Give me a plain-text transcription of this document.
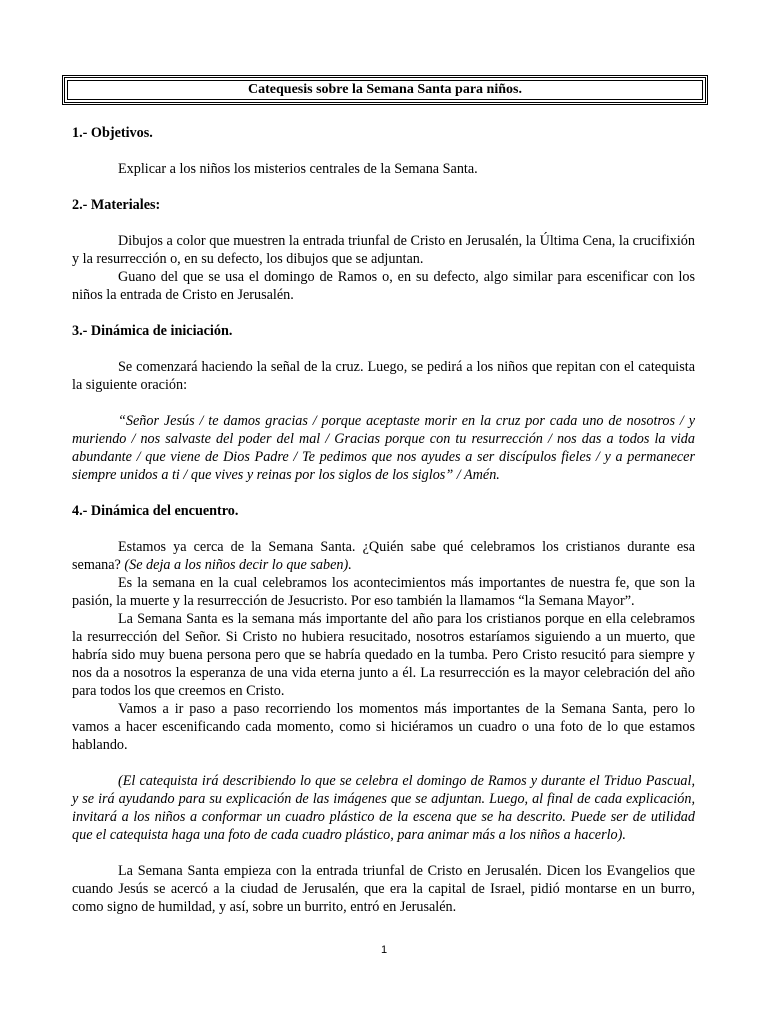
Catequesis sobre la Semana Santa para niños.
1.- Objetivos.

Explicar a los niños los misterios centrales de la Semana Santa.

2.- Materiales:

Dibujos a color que muestren la entrada triunfal de Cristo en Jerusalén, la Última Cena, la crucifixión y la resurrección o, en su defecto, los dibujos que se adjuntan.

Guano del que se usa el domingo de Ramos o, en su defecto, algo similar para escenificar con los niños la entrada de Cristo en Jerusalén.

3.- Dinámica de iniciación.

Se comenzará haciendo la señal de la cruz. Luego, se pedirá a los niños que repitan con el catequista la siguiente oración:

“Señor Jesús / te damos gracias / porque aceptaste morir en la cruz por cada uno de nosotros / y muriendo / nos salvaste del poder del mal / Gracias porque con tu resurrección / nos das a todos la vida abundante / que viene de Dios Padre / Te pedimos que nos ayudes a ser discípulos fieles / y a permanecer siempre unidos a ti / que vives y reinas por los siglos de los siglos” / Amén.

4.- Dinámica del encuentro.

Estamos ya cerca de la Semana Santa. ¿Quién sabe qué celebramos los cristianos durante esa semana? (Se deja a los niños decir lo que saben).

Es la semana en la cual celebramos los acontecimientos más importantes de nuestra fe, que son la pasión, la muerte y la resurrección de Jesucristo. Por eso también la llamamos “la Semana Mayor”.

La Semana Santa es la semana más importante del año para los cristianos porque en ella celebramos la resurrección del Señor. Si Cristo no hubiera resucitado, nosotros estaríamos siguiendo a un muerto, que habría sido muy buena persona pero que se habría quedado en la tumba. Pero Cristo resucitó para siempre y nos da a nosotros la esperanza de una vida eterna junto a él. La resurrección es la mayor celebración del año para todos los que creemos en Cristo.

Vamos a ir paso a paso recorriendo los momentos más importantes de la Semana Santa, pero lo vamos a hacer escenificando cada momento, como si hiciéramos un cuadro o una foto de lo que estamos hablando.

(El catequista irá describiendo lo que se celebra el domingo de Ramos y durante el Triduo Pascual, y se irá ayudando para su explicación de las imágenes que se adjuntan. Luego, al final de cada explicación, invitará a los niños a conformar un cuadro plástico de la escena que se ha descrito. Puede ser de utilidad que el catequista haga una foto de cada cuadro plástico, para animar más a los niños a hacerlo).

La Semana Santa empieza con la entrada triunfal de Cristo en Jerusalén. Dicen los Evangelios que cuando Jesús se acercó a la ciudad de Jerusalén, que era la capital de Israel, pidió montarse en un burro, como signo de humildad, y así, sobre un burrito, entró en Jerusalén.

1
